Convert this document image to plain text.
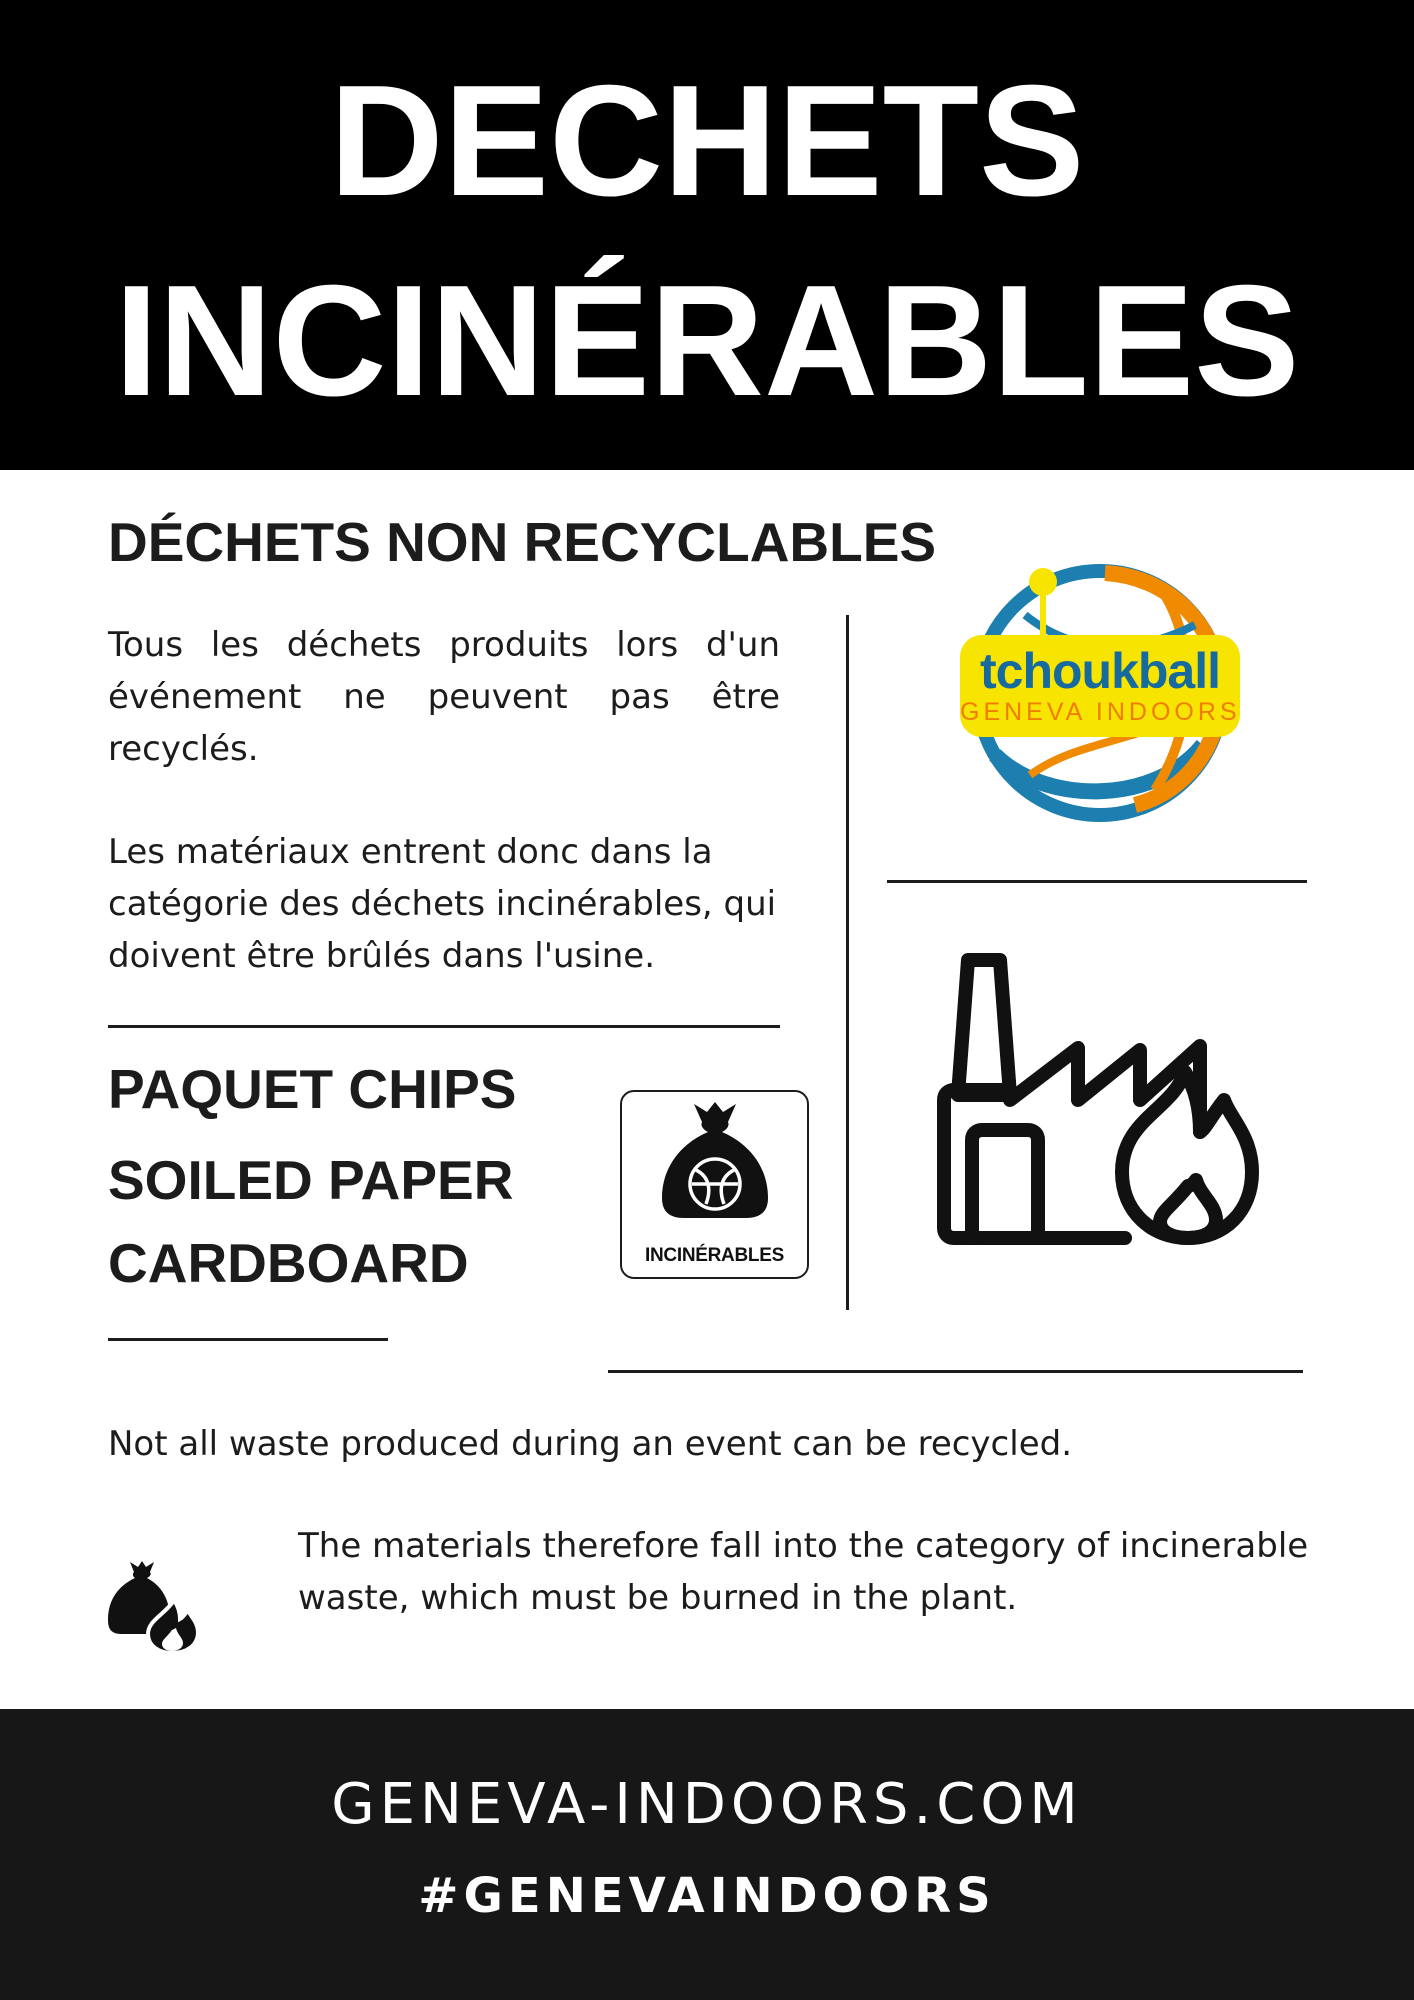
DECHETS
INCINÉRABLES
DÉCHETS NON RECYCLABLES
Tous les déchets produits lors d'un événement ne peuvent pas être recyclés.
Les matériaux entrent donc dans la catégorie des déchets incinérables, qui doivent être brûlés dans l'usine.
PAQUET CHIPS
SOILED PAPER
CARDBOARD	INCINÉRABLES
tchoukball
GENEVA INDOORS
Not all waste produced during an event can be recycled.
The materials therefore fall into the category of incinerable waste, which must be burned in the plant.
GENEVA-INDOORS.COM
#GENEVAINDOORS
